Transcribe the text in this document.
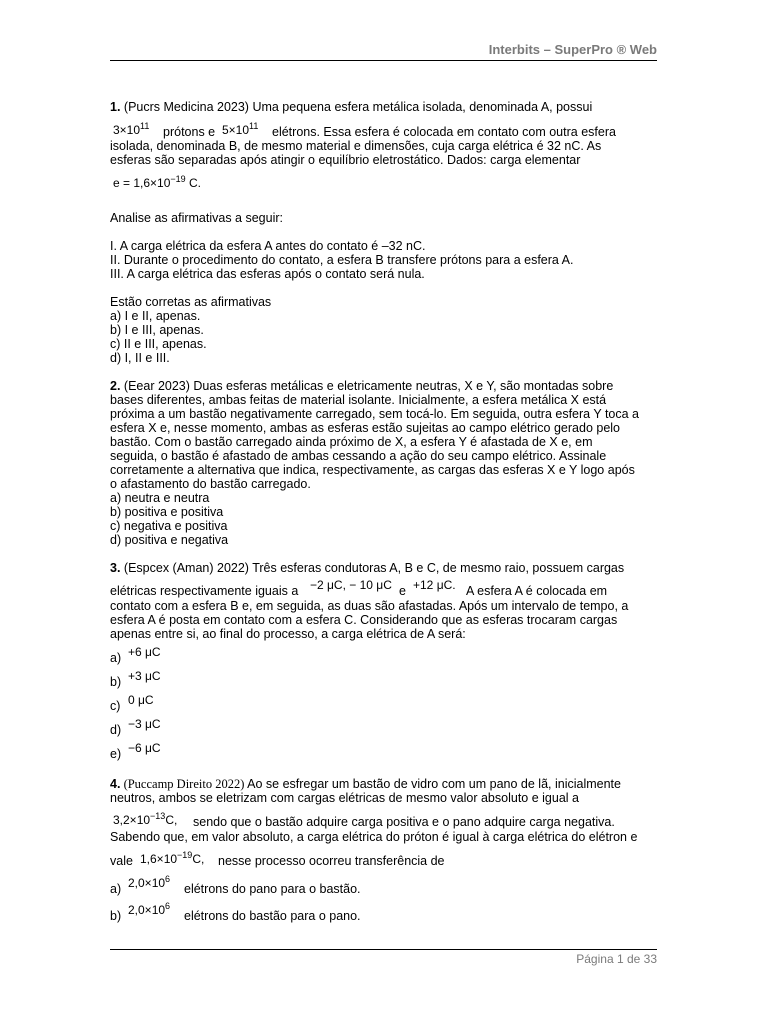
Interbits – SuperPro ® Web
1. (Pucrs Medicina 2023) Uma pequena esfera metálica isolada, denominada A, possui
$3\times 10^{11}$ prótons e $5\times 10^{11}$ elétrons. Essa esfera é colocada em contato com outra esfera
isolada, denominada B, de mesmo material e dimensões, cuja carga elétrica é 32 nC. As
esferas são separadas após atingir o equilíbrio eletrostático. Dados: carga elementar
$e = 1,6\times 10^{-19}$ C.
Analise as afirmativas a seguir:
I. A carga elétrica da esfera A antes do contato é –32 nC.
II. Durante o procedimento do contato, a esfera B transfere prótons para a esfera A.
III. A carga elétrica das esferas após o contato será nula.
Estão corretas as afirmativas
a) I e II, apenas.
b) I e III, apenas.
c) II e III, apenas.
d) I, II e III.
2. (Eear 2023) Duas esferas metálicas e eletricamente neutras, X e Y, são montadas sobre
bases diferentes, ambas feitas de material isolante. Inicialmente, a esfera metálica X está
próxima a um bastão negativamente carregado, sem tocá-lo. Em seguida, outra esfera Y toca a
esfera X e, nesse momento, ambas as esferas estão sujeitas ao campo elétrico gerado pelo
bastão. Com o bastão carregado ainda próximo de X, a esfera Y é afastada de X e, em
seguida, o bastão é afastado de ambas cessando a ação do seu campo elétrico. Assinale
corretamente a alternativa que indica, respectivamente, as cargas das esferas X e Y logo após
o afastamento do bastão carregado.
a) neutra e neutra
b) positiva e positiva
c) negativa e positiva
d) positiva e negativa
3. (Espcex (Aman) 2022) Três esferas condutoras A, B e C, de mesmo raio, possuem cargas
elétricas respectivamente iguais a −2 μC, − 10 μC e +12 μC. A esfera A é colocada em
contato com a esfera B e, em seguida, as duas são afastadas. Após um intervalo de tempo, a
esfera A é posta em contato com a esfera C. Considerando que as esferas trocaram cargas
apenas entre si, ao final do processo, a carga elétrica de A será:
a) +6 μC
b) +3 μC
c) 0 μC
d) −3 μC
e) −6 μC
4. (Puccamp Direito 2022) Ao se esfregar um bastão de vidro com um pano de lã, inicialmente
neutros, ambos se eletrizam com cargas elétricas de mesmo valor absoluto e igual a
$3,2\times 10^{-13}C$, sendo que o bastão adquire carga positiva e o pano adquire carga negativa.
Sabendo que, em valor absoluto, a carga elétrica do próton é igual à carga elétrica do elétron e
vale $1,6\times 10^{-19}C$, nesse processo ocorreu transferência de
a) $2,0\times 10^6$
elétrons do pano para o bastão.
b) $2,0\times 10^6$
elétrons do bastão para o pano.
Página 1 de 33
